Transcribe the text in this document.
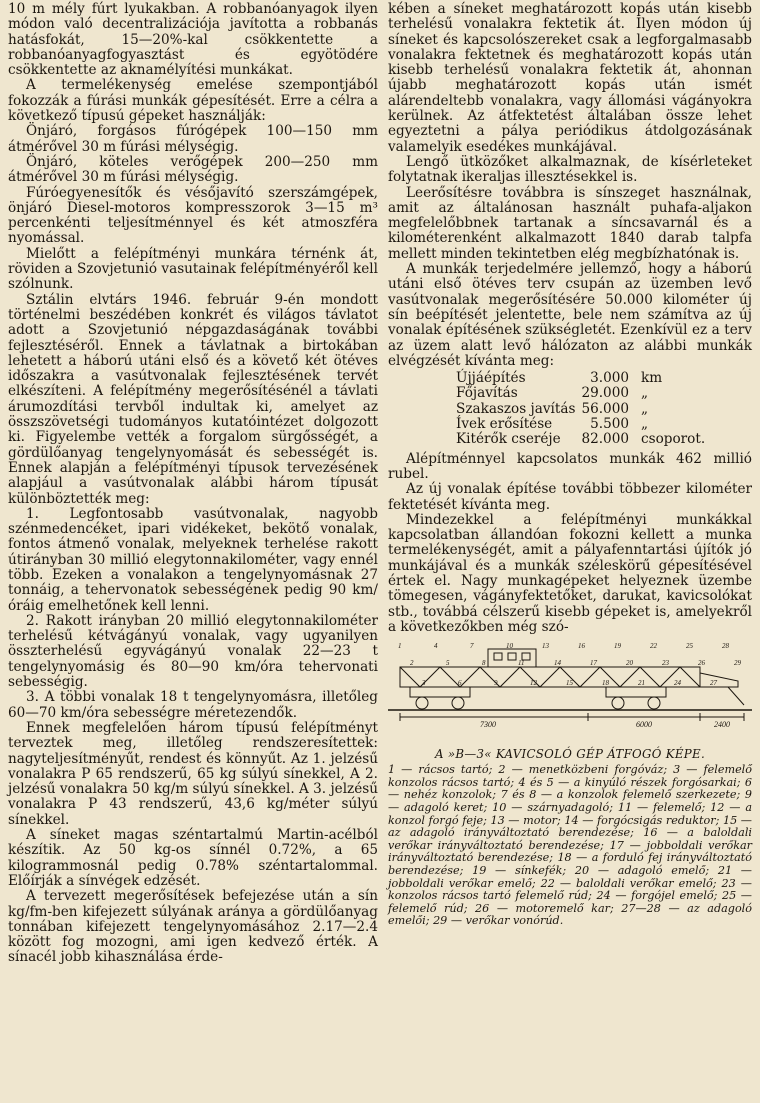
10 m mély fúrt lyukakban. A robbanóanyagok ilyen módon való decentralizációja javította a robbanás hatásfokát, 15—20%-kal csökkentette a robbanóanyagfogyasztást és egyötödére csökkentette az aknamélyítési munkákat.

A termelékenység emelése szempontjából fokozzák a fúrási munkák gépesítését. Erre a célra a következő típusú gépeket használják:

Önjáró, forgásos fúrógépek 100—150 mm átmérővel 30 m fúrási mélységig.

Önjáró, köteles verőgépek 200—250 mm átmérővel 30 m fúrási mélységig.

Fúróegyenesítők és vésőjavító szerszámgépek, önjáró Diesel-motoros kompresszorok 3—15 m³ percenkénti teljesítménnyel és két atmoszféra nyomással.

Mielőtt a felépítményi munkára térnénk át, röviden a Szovjetunió vasutainak felépítményéről kell szólnunk.

Sztálin elvtárs 1946. február 9-én mondott történelmi beszédében konkrét és világos távlatot adott a Szovjetunió népgazdaságának további fejlesztéséről. Ennek a távlatnak a birtokában lehetett a háború utáni első és a követő két ötéves időszakra a vasútvonalak fejlesztésének tervét elkészíteni. A felépítmény megerősítésénél a távlati árumozdítási tervből indultak ki, amelyet az összszövetségi tudományos kutatóintézet dolgozott ki. Figyelembe vették a forgalom sürgősségét, a gördülőanyag tengelynyomását és sebességét is. Ennek alapján a felépítményi típusok tervezésének alapjául a vasútvonalak alábbi három típusát különböztették meg:

1. Legfontosabb vasútvonalak, nagyobb szénmedencéket, ipari vidékeket, bekötő vonalak, fontos átmenő vonalak, melyeknek terhelése rakott útirányban 30 millió elegytonnakilométer, vagy ennél több. Ezeken a vonalakon a tengelynyomásnak 27 tonnáig, a tehervonatok sebességének pedig 90 km/óráig emelhetőnek kell lenni.

2. Rakott irányban 20 millió elegytonnakilométer terhelésű kétvágányú vonalak, vagy ugyanilyen összterhelésű egyvágányú vonalak 22—23 t tengelynyomásig és 80—90 km/óra tehervonati sebességig.

3. A többi vonalak 18 t tengelynyomásra, illetőleg 60—70 km/óra sebességre méretezendők.

Ennek megfelelően három típusú felépítményt terveztek meg, illetőleg rendszeresítettek: nagyteljesítményűt, rendest és könnyűt. Az 1. jelzésű vonalakra P 65 rendszerű, 65 kg súlyú sínekkel, A 2. jelzésű vonalakra 50 kg/m súlyú sínekkel. A 3. jelzésű vonalakra P 43 rendszerű, 43,6 kg/méter súlyú sínekkel.

A síneket magas széntartalmú Martin-acélból készítik. Az 50 kg-os sínnél 0.72%, a 65 kilogrammosnál pedig 0.78% széntartalommal. Előírják a sínvégek edzését.

A tervezett megerősítések befejezése után a sín kg/fm-ben kifejezett súlyának aránya a gördülőanyag tonnában kifejezett tengelynyomásához 2.17—2.4 között fog mozogni, ami igen kedvező érték. A sínacél jobb kihasználása érde-

kében a síneket meghatározott kopás után kisebb terhelésű vonalakra fektetik át. Ilyen módon új síneket és kapcsolószereket csak a legforgalmasabb vonalakra fektetnek és meghatározott kopás után kisebb terhelésű vonalakra fektetik át, ahonnan újabb meghatározott kopás után ismét alárendeltebb vonalakra, vagy állomási vágányokra kerülnek. Az átfektetést általában össze lehet egyeztetni a pálya periódikus átdolgozásának valamelyik esedékes munkájával.

Lengő ütközőket alkalmaznak, de kísérleteket folytatnak ikeraljas illesztésekkel is.

Leerősítésre továbbra is sínszeget használnak, amit az általánosan használt puhafa-aljakon megfelelőbbnek tartanak a síncsavarnál és a kilométerenként alkalmazott 1840 darab talpfa mellett minden tekintetben elég megbízhatónak is.

A munkák terjedelmére jellemző, hogy a háború utáni első ötéves terv csupán az üzemben levő vasútvonalak megerősítésére 50.000 kilométer új sín beépítését jelentette, bele nem számítva az új vonalak építésének szükségletét. Ezenkívül ez a terv az üzem alatt levő hálózaton az alábbi munkák elvégzését kívánta meg:

Újjáépítés	3.000	km
Főjavítás	29.000	„
Szakaszos javítás	56.000	„
Ívek erősítése	5.500	„
Kitérők cseréje	82.000	csoporot.

Alépítménnyel kapcsolatos munkák 462 millió rubel.

Az új vonalak építése további többezer kilométer fektetését kívánta meg.

Mindezekkel a felépítményi munkákkal kapcsolatban állandóan fokozni kellett a munka termelékenységét, amit a pályafenntartási újítók jó munkájával és a munkák széleskörű gépesítésével értek el. Nagy munkagépeket helyeznek üzembe tömegesen, vágányfektetőket, darukat, kavicsolókat stb., továbbá célszerű kisebb gépeket is, amelyekről a következőkben még szó-

7300	6000	2400
1
2
3
4
5
6
7
8
9
10
11
12
13
14
15
16
17
18
19
20
21
22
23
24
25
26
27
28
29
A »B—3« KAVICSOLÓ GÉP ÁTFOGÓ KÉPE.
1 — rácsos tartó; 2 — menetközbeni forgóváz; 3 — felemelő konzolos rácsos tartó; 4 és 5 — a kinyúló részek forgósarkai; 6 — nehéz konzolok; 7 és 8 — a konzolok felemelő szerkezete; 9 — adagoló keret; 10 — szárnyadagoló; 11 — felemelő; 12 — a konzol forgó feje; 13 — motor; 14 — forgócsigás reduktor; 15 — az adagoló irányváltoztató berendezése; 16 — a baloldali verőkar irányváltoztató berendezése; 17 — jobboldali verőkar irányváltoztató berendezése; 18 — a forduló fej irányváltoztató berendezése; 19 — sínkefék; 20 — adagoló emelő; 21 — jobboldali verőkar emelő; 22 — baloldali verőkar emelő; 23 — konzolos rácsos tartó felemelő rúd; 24 — forgójel emelő; 25 — felemelő rúd; 26 — motoremelő kar; 27—28 — az adagoló emelői; 29 — verőkar vonórúd.
